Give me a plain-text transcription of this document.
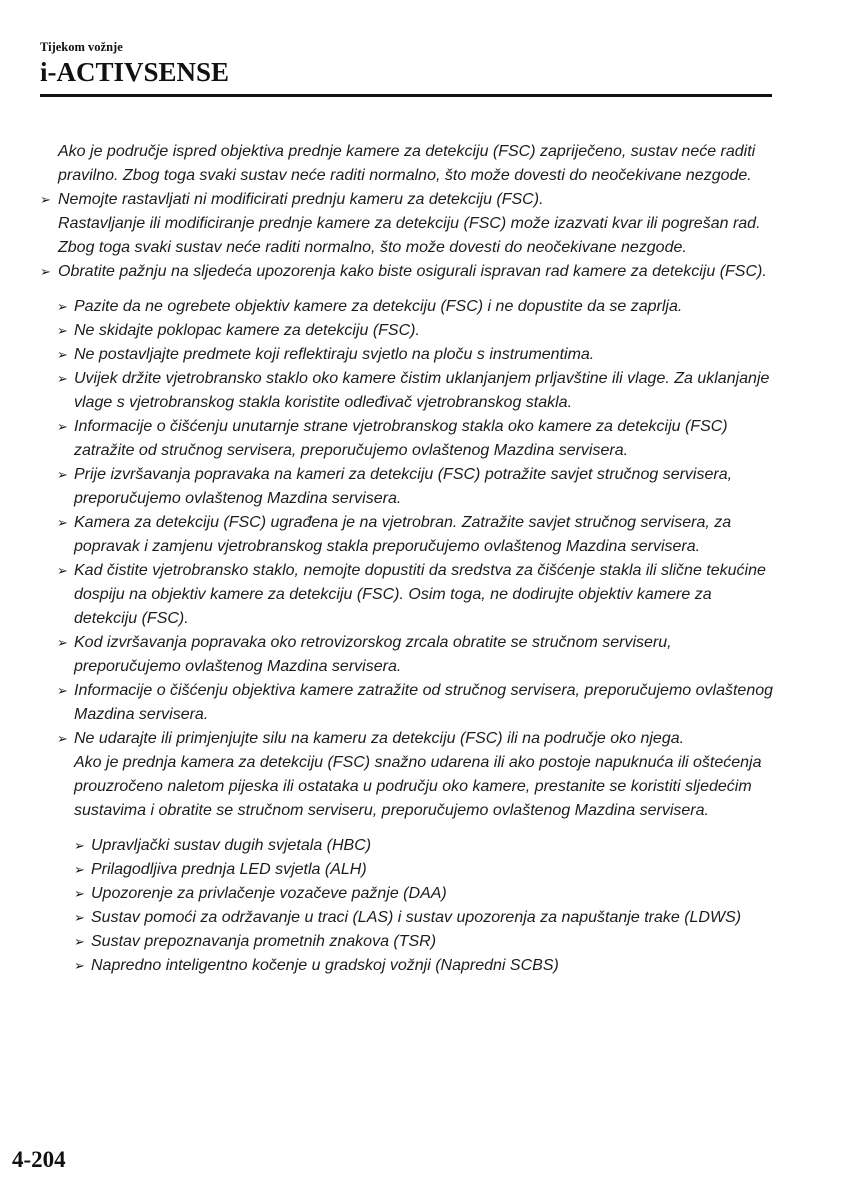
Tijekom vožnje
i-ACTIVSENSE

Ako je područje ispred objektiva prednje kamere za detekciju (FSC) zapriječeno, sustav neće raditi pravilno. Zbog toga svaki sustav neće raditi normalno, što može dovesti do neočekivane nezgode.

➢ Nemojte rastavljati ni modificirati prednju kameru za detekciju (FSC).

Rastavljanje ili modificiranje prednje kamere za detekciju (FSC) može izazvati kvar ili pogrešan rad. Zbog toga svaki sustav neće raditi normalno, što može dovesti do neočekivane nezgode.

➢ Obratite pažnju na sljedeća upozorenja kako biste osigurali ispravan rad kamere za detekciju (FSC).

➢ Pazite da ne ogrebete objektiv kamere za detekciju (FSC) i ne dopustite da se zaprlja.

➢ Ne skidajte poklopac kamere za detekciju (FSC).

➢ Ne postavljajte predmete koji reflektiraju svjetlo na ploču s instrumentima.

➢ Uvijek držite vjetrobransko staklo oko kamere čistim uklanjanjem prljavštine ili vlage. Za uklanjanje vlage s vjetrobranskog stakla koristite odleđivač vjetrobranskog stakla.

➢ Informacije o čišćenju unutarnje strane vjetrobranskog stakla oko kamere za detekciju (FSC) zatražite od stručnog servisera, preporučujemo ovlaštenog Mazdina servisera.

➢ Prije izvršavanja popravaka na kameri za detekciju (FSC) potražite savjet stručnog servisera, preporučujemo ovlaštenog Mazdina servisera.

➢ Kamera za detekciju (FSC) ugrađena je na vjetrobran. Zatražite savjet stručnog servisera, za popravak i zamjenu vjetrobranskog stakla preporučujemo ovlaštenog Mazdina servisera.

➢ Kad čistite vjetrobransko staklo, nemojte dopustiti da sredstva za čišćenje stakla ili slične tekućine dospiju na objektiv kamere za detekciju (FSC). Osim toga, ne dodirujte objektiv kamere za detekciju (FSC).

➢ Kod izvršavanja popravaka oko retrovizorskog zrcala obratite se stručnom serviseru, preporučujemo ovlaštenog Mazdina servisera.

➢ Informacije o čišćenju objektiva kamere zatražite od stručnog servisera, preporučujemo ovlaštenog Mazdina servisera.

➢ Ne udarajte ili primjenjujte silu na kameru za detekciju (FSC) ili na područje oko njega.

Ako je prednja kamera za detekciju (FSC) snažno udarena ili ako postoje napuknuća ili oštećenja prouzročeno naletom pijeska ili ostataka u području oko kamere, prestanite se koristiti sljedećim sustavima i obratite se stručnom serviseru, preporučujemo ovlaštenog Mazdina servisera.

➢ Upravljački sustav dugih svjetala (HBC)

➢ Prilagodljiva prednja LED svjetla (ALH)

➢ Upozorenje za privlačenje vozačeve pažnje (DAA)

➢ Sustav pomoći za održavanje u traci (LAS) i sustav upozorenja za napuštanje trake (LDWS)

➢ Sustav prepoznavanja prometnih znakova (TSR)

➢ Napredno inteligentno kočenje u gradskoj vožnji (Napredni SCBS)

4-204
